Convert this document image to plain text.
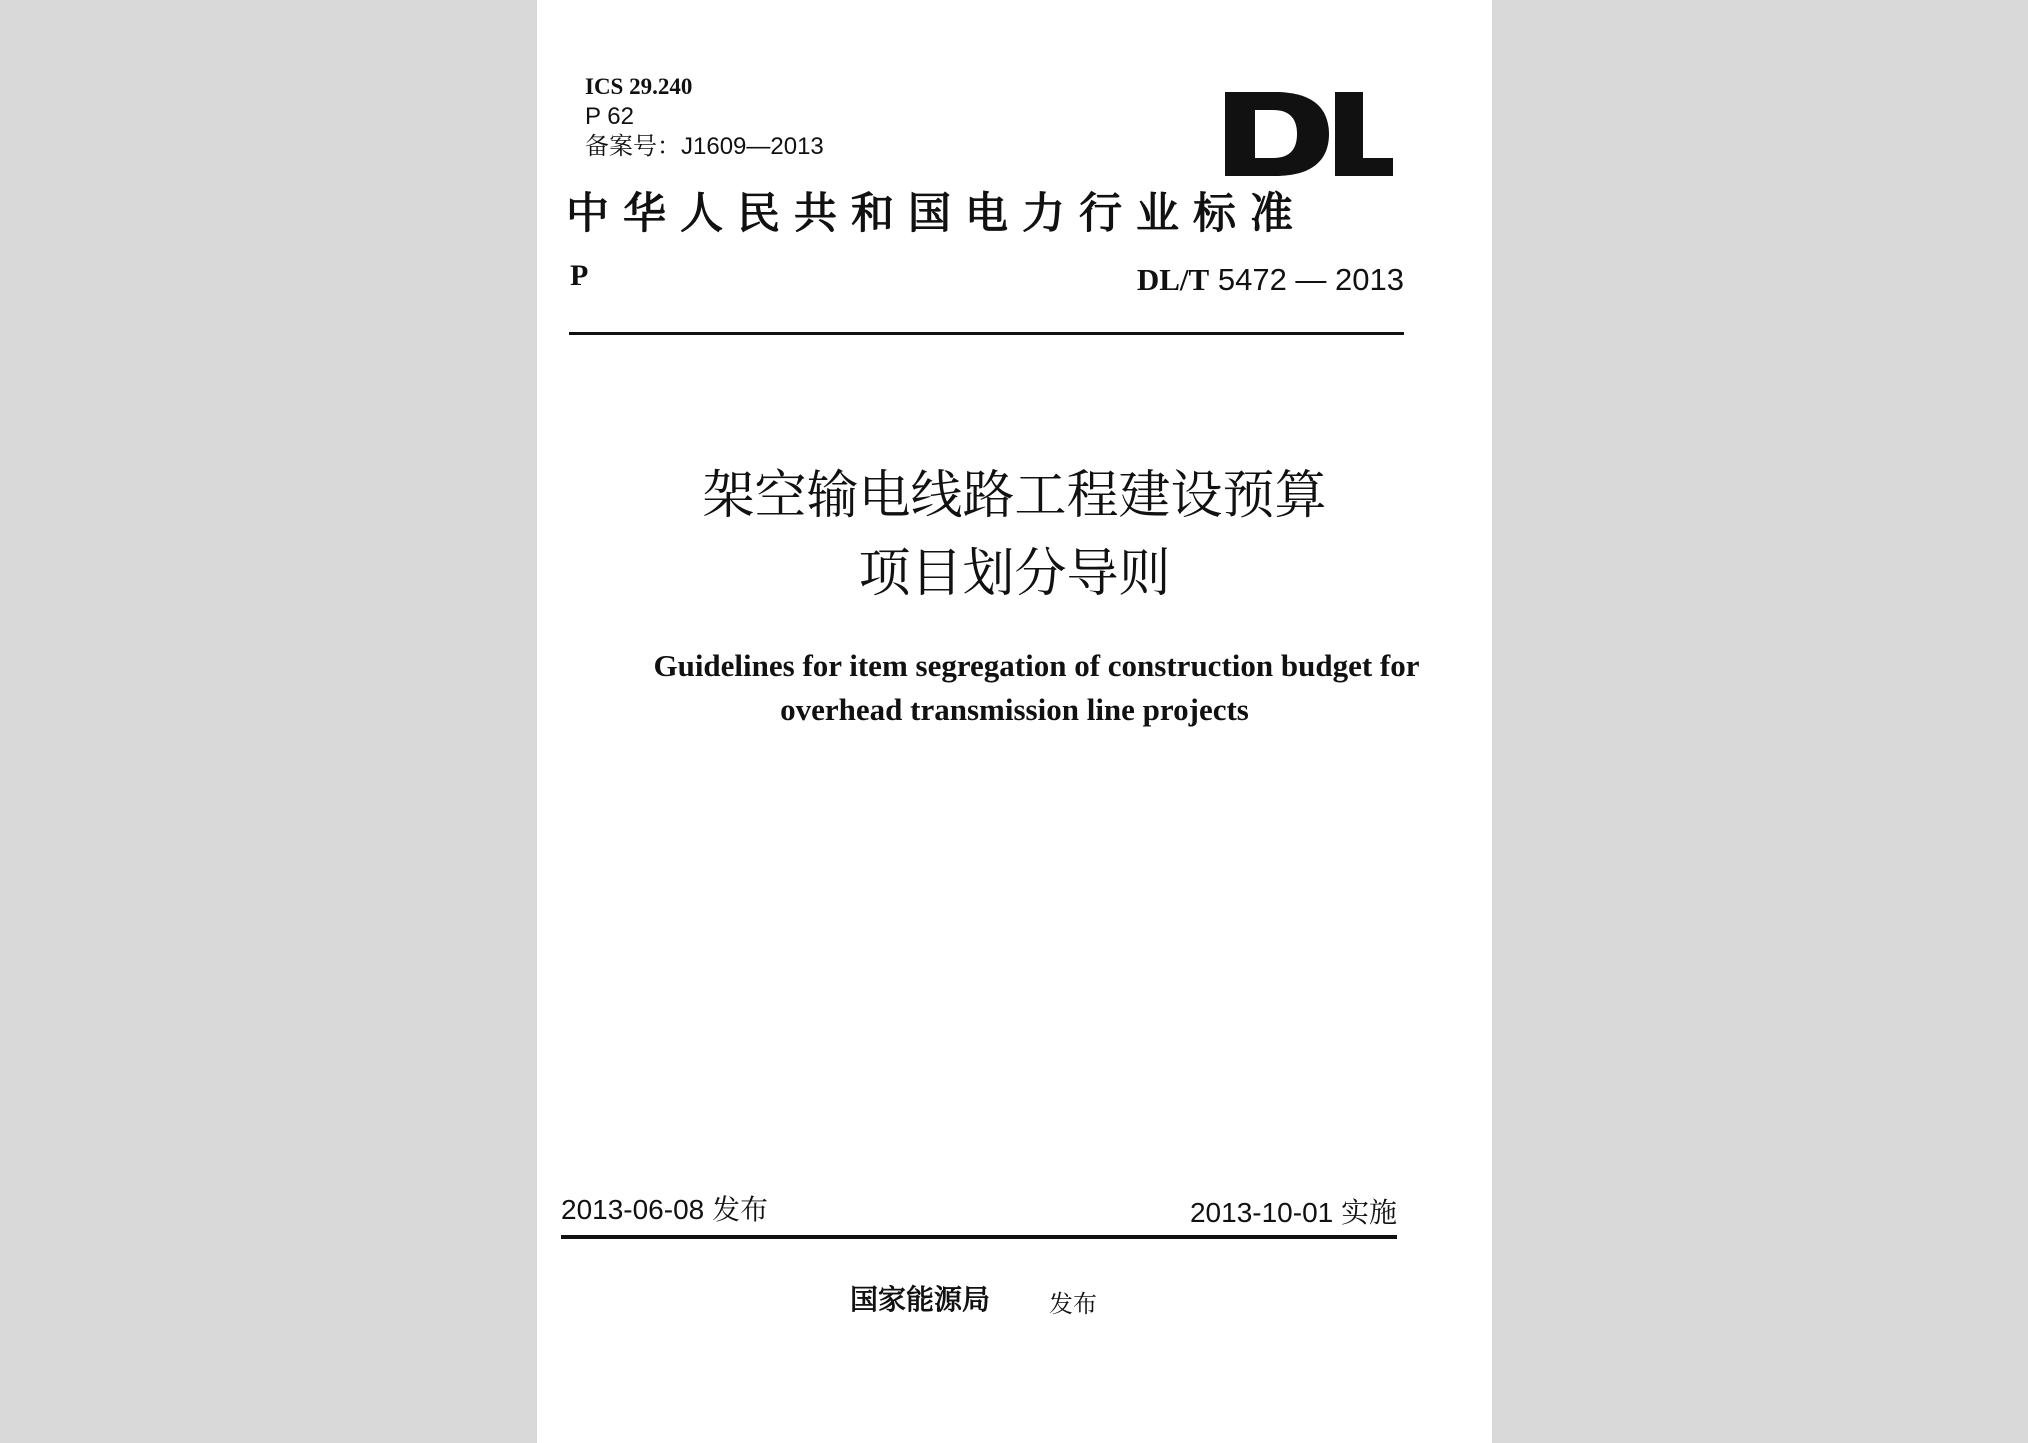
ICS 29.240
P 62
备案号：J1609—2013

中华人民共和国电力行业标准

P	DL/T 5472 — 2013

架空输电线路工程建设预算

项目划分导则

Guidelines for item segregation of construction budget for

overhead transmission line projects

2013-06-08 发布	2013-10-01 实施

国家能源局 发布
